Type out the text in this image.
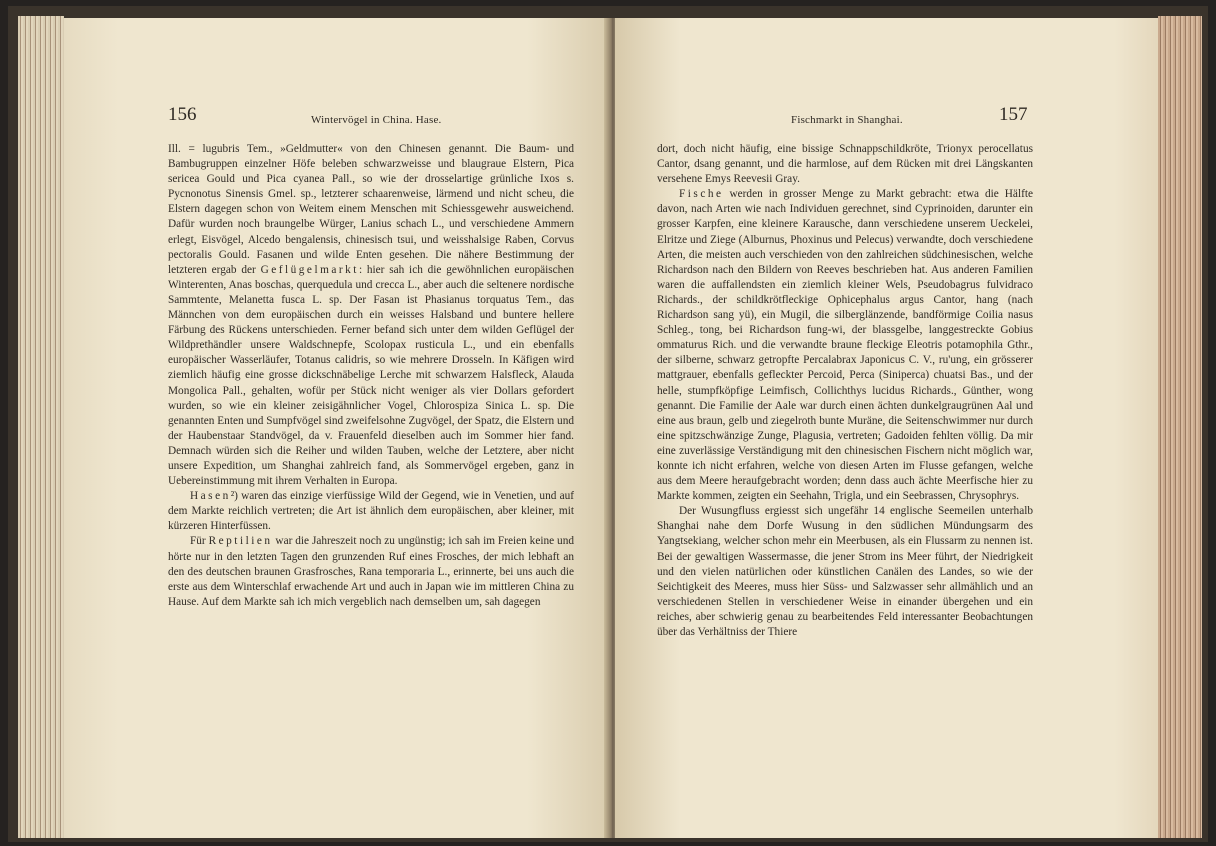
156	Wintervögel in China. Hase.

Ill. = lugubris Tem., »Geldmutter« von den Chinesen genannt. Die Baum- und Bambugruppen einzelner Höfe beleben schwarzweisse und blaugraue Elstern, Pica sericea Gould und Pica cyanea Pall., so wie der drosselartige grünliche Ixos s. Pycnonotus Sinensis Gmel. sp., letzterer schaarenweise, lärmend und nicht scheu, die Elstern dagegen schon von Weitem einem Menschen mit Schiessgewehr ausweichend. Dafür wurden noch braungelbe Würger, Lanius schach L., und verschiedene Ammern erlegt, Eisvögel, Alcedo bengalensis, chinesisch tsui, und weisshalsige Raben, Corvus pectoralis Gould. Fasanen und wilde Enten gesehen. Die nähere Bestimmung der letzteren ergab der Geflügelmarkt: hier sah ich die gewöhnlichen europäischen Winterenten, Anas boschas, querquedula und crecca L., aber auch die seltenere nordische Sammtente, Melanetta fusca L. sp. Der Fasan ist Phasianus torquatus Tem., das Männchen von dem europäischen durch ein weisses Halsband und buntere hellere Färbung des Rückens unterschieden. Ferner befand sich unter dem wilden Geflügel der Wildprethändler unsere Waldschnepfe, Scolopax rusticula L., und ein ebenfalls europäischer Wasserläufer, Totanus calidris, so wie mehrere Drosseln. In Käfigen wird ziemlich häufig eine grosse dickschnäbelige Lerche mit schwarzem Halsfleck, Alauda Mongolica Pall., gehalten, wofür per Stück nicht weniger als vier Dollars gefordert wurden, so wie ein kleiner zeisigähnlicher Vogel, Chlorospiza Sinica L. sp. Die genannten Enten und Sumpfvögel sind zweifelsohne Zugvögel, der Spatz, die Elstern und der Haubenstaar Standvögel, da v. Frauenfeld dieselben auch im Sommer hier fand. Demnach würden sich die Reiher und wilden Tauben, welche der Letztere, aber nicht unsere Expedition, um Shanghai zahlreich fand, als Sommervögel ergeben, ganz in Uebereinstimmung mit ihrem Verhalten in Europa.

Hasen²) waren das einzige vierfüssige Wild der Gegend, wie in Venetien, und auf dem Markte reichlich vertreten; die Art ist ähnlich dem europäischen, aber kleiner, mit kürzeren Hinterfüssen.

Für Reptilien war die Jahreszeit noch zu ungünstig; ich sah im Freien keine und hörte nur in den letzten Tagen den grunzenden Ruf eines Frosches, der mich lebhaft an den des deutschen braunen Grasfrosches, Rana temporaria L., erinnerte, bei uns auch die erste aus dem Winterschlaf erwachende Art und auch in Japan wie im mittleren China zu Hause. Auf dem Markte sah ich mich vergeblich nach demselben um, sah dagegen

Fischmarkt in Shanghai.	157

dort, doch nicht häufig, eine bissige Schnappschildkröte, Trionyx perocellatus Cantor, dsang genannt, und die harmlose, auf dem Rücken mit drei Längskanten versehene Emys Reevesii Gray.

Fische werden in grosser Menge zu Markt gebracht: etwa die Hälfte davon, nach Arten wie nach Individuen gerechnet, sind Cyprinoiden, darunter ein grosser Karpfen, eine kleinere Karausche, dann verschiedene unserem Ueckelei, Elritze und Ziege (Alburnus, Phoxinus und Pelecus) verwandte, doch verschiedene Arten, die meisten auch verschieden von den zahlreichen südchinesischen, welche Richardson nach den Bildern von Reeves beschrieben hat. Aus anderen Familien waren die auffallendsten ein ziemlich kleiner Wels, Pseudobagrus fulvidraco Richards., der schildkrötfleckige Ophicephalus argus Cantor, hang (nach Richardson sang yü), ein Mugil, die silberglänzende, bandförmige Coilia nasus Schleg., tong, bei Richardson fung-wi, der blassgelbe, langgestreckte Gobius ommaturus Rich. und die verwandte braune fleckige Eleotris potamophila Gthr., der silberne, schwarz getropfte Percalabrax Japonicus C. V., ru'ung, ein grösserer mattgrauer, ebenfalls gefleckter Percoid, Perca (Siniperca) chuatsi Bas., und der helle, stumpfköpfige Leimfisch, Collichthys lucidus Richards., Günther, wong genannt. Die Familie der Aale war durch einen ächten dunkelgraugrünen Aal und eine aus braun, gelb und ziegelroth bunte Muräne, die Seitenschwimmer nur durch eine spitzschwänzige Zunge, Plagusia, vertreten; Gadoiden fehlten völlig. Da mir eine zuverlässige Verständigung mit den chinesischen Fischern nicht möglich war, konnte ich nicht erfahren, welche von diesen Arten im Flusse gefangen, welche aus dem Meere heraufgebracht worden; denn dass auch ächte Meerfische hier zu Markte kommen, zeigten ein Seehahn, Trigla, und ein Seebrassen, Chrysophrys.

Der Wusungfluss ergiesst sich ungefähr 14 englische Seemeilen unterhalb Shanghai nahe dem Dorfe Wusung in den südlichen Mündungsarm des Yangtsekiang, welcher schon mehr ein Meerbusen, als ein Flussarm zu nennen ist. Bei der gewaltigen Wassermasse, die jener Strom ins Meer führt, der Niedrigkeit und den vielen natürlichen oder künstlichen Canälen des Landes, so wie der Seichtigkeit des Meeres, muss hier Süss- und Salzwasser sehr allmählich und an verschiedenen Stellen in verschiedener Weise in einander übergehen und ein reiches, aber schwierig genau zu bearbeitendes Feld interessanter Beobachtungen über das Verhältniss der Thiere
